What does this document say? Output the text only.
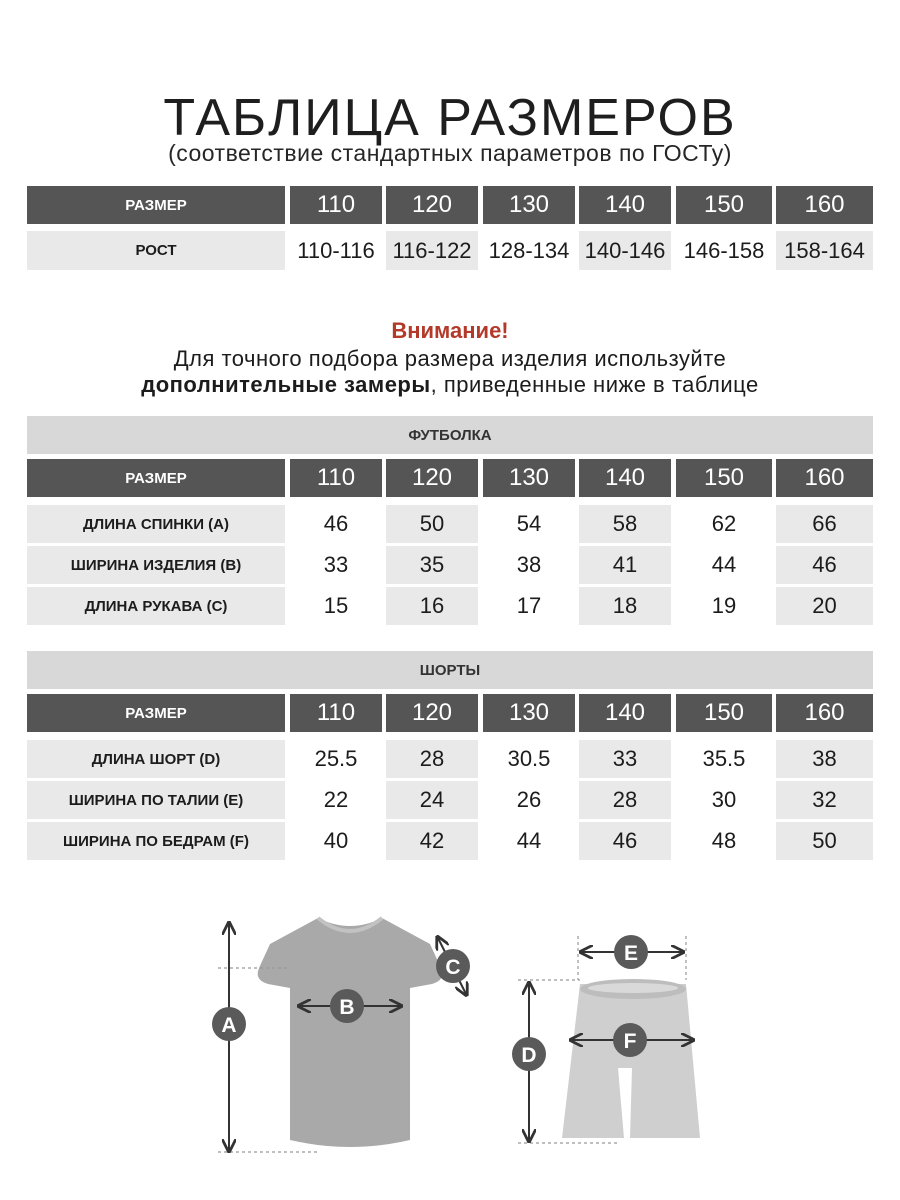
ТАБЛИЦА РАЗМЕРОВ
(соответствие стандартных параметров по ГОСТу)
РАЗМЕР	110	120	130	140	150	160
РОСТ	110-116 116-122 128-134 140-146 146-158 158-164
Внимание!
Для точного подбора размера изделия используйте
дополнительные замеры, приведенные ниже в таблице
ФУТБОЛКА
РАЗМЕР	110	120	130	140	150	160
ДЛИНА СПИНКИ (А)	46	50	54	58	62	66
ШИРИНА ИЗДЕЛИЯ (В)	33	35	38	41	44	46
ДЛИНА РУКАВА (С)	15	16	17	18	19	20
ШОРТЫ
РАЗМЕР	110	120	130	140	150	160
ДЛИНА ШОРТ (D)	25.5	28	30.5	33	35.5	38
ШИРИНА ПО ТАЛИИ (E)	22	24	26	28	30	32
ШИРИНА ПО БЕДРАМ (F)	40	42	44	46	48	50
A
B
C
E
F
D
